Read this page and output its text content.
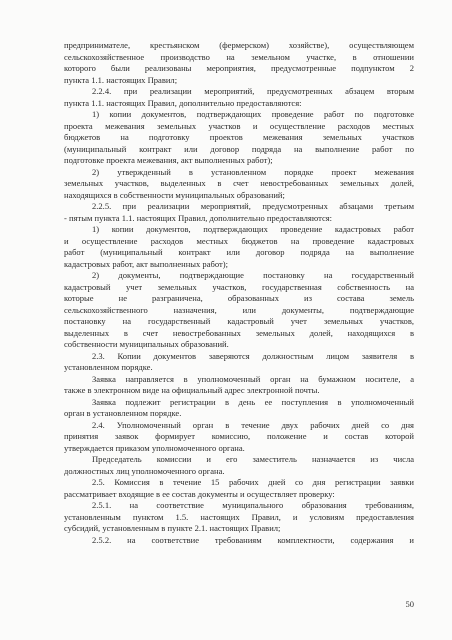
предпринимателе, крестьянском (фермерском) хозяйстве), осуществляющем
сельскохозяйственное производство на земельном участке, в отношении
которого были реализованы мероприятия, предусмотренные подпунктом 2
пункта 1.1. настоящих Правил;
2.2.4. при реализации мероприятий, предусмотренных абзацем вторым
пункта 1.1. настоящих Правил, дополнительно предоставляются:
1) копии документов, подтверждающих проведение работ по подготовке
проекта межевания земельных участков и осуществление расходов местных
бюджетов на подготовку проектов межевания земельных участков
(муниципальный контракт или договор подряда на выполнение работ по
подготовке проекта межевания, акт выполненных работ);
2) утвержденный в установленном порядке проект межевания
земельных участков, выделенных в счет невостребованных земельных долей,
находящихся в собственности муниципальных образований;
2.2.5. при реализации мероприятий, предусмотренных абзацами третьим
- пятым пункта 1.1. настоящих Правил, дополнительно предоставляются:
1) копии документов, подтверждающих проведение кадастровых работ
и осуществление расходов местных бюджетов на проведение кадастровых
работ (муниципальный контракт или договор подряда на выполнение
кадастровых работ, акт выполненных работ);
2) документы, подтверждающие постановку на государственный
кадастровый учет земельных участков, государственная собственность на
которые не разграничена, образованных из состава земель
сельскохозяйственного назначения, или документы, подтверждающие
постановку на государственный кадастровый учет земельных участков,
выделенных в счет невостребованных земельных долей, находящихся в
собственности муниципальных образований.
2.3. Копии документов заверяются должностным лицом заявителя в
установленном порядке.
Заявка направляется в уполномоченный орган на бумажном носителе, а
также в электронном виде на официальный адрес электронной почты.
Заявка подлежит регистрации в день ее поступления в уполномоченный
орган в установленном порядке.
2.4. Уполномоченный орган в течение двух рабочих дней со дня
принятия заявок формирует комиссию, положение и состав которой
утверждается приказом уполномоченного органа.
Председатель комиссии и его заместитель назначается из числа
должностных лиц уполномоченного органа.
2.5. Комиссия в течение 15 рабочих дней со дня регистрации заявки
рассматривает входящие в ее состав документы и осуществляет проверку:
2.5.1. на соответствие муниципального образования требованиям,
установленным пунктом 1.5. настоящих Правил, и условиям предоставления
субсидий, установленным в пункте 2.1. настоящих Правил;
2.5.2. на соответствие требованиям комплектности, содержания и
50
